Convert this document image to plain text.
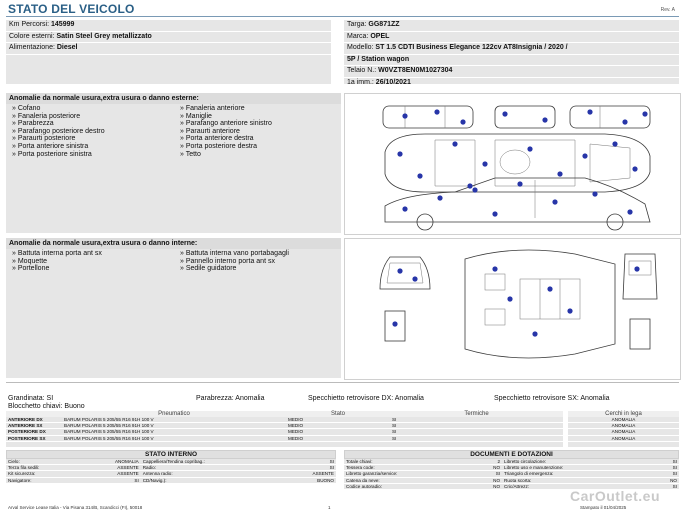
STATO DEL VEICOLO	Rev. A
Km Percorsi: 145999
Colore esterni: Satin Steel Grey metallizzato
Alimentazione: Diesel
Targa: GG871ZZ
Marca: OPEL
Modello: ST 1.5 CDTI Business Elegance 122cv AT8Insignia / 2020 /
5P / Station wagon
Telaio N.: W0VZT8EN0M1027304
1a imm.: 26/10/2021
Anomalie da normale usura,extra usura o danno esterne:
» Cofano
» Fanaleria posteriore
» Parabrezza
» Parafango posteriore destro
» Paraurti posteriore
» Porta anteriore sinistra
» Porta posteriore sinistra
» Fanaleria anteriore
» Maniglie
» Parafango anteriore sinistro
» Paraurti anteriore
» Porta anteriore destra
» Porta posteriore destra
» Tetto
Anomalie da normale usura,extra usura o danno interne:
» Battuta interna porta ant sx
» Moquette
» Portellone
» Battuta interna vano portabagagli
» Pannello interno porta ant sx
» Sedile guidatore
Grandinata: SI
Blocchetto chiavi: Buono
Parabrezza: Anomalia	Specchietto retrovisore DX: Anomalia	Specchietto retrovisore SX: Anomalia
	Pneumatico	Stato	Termiche
ANTERIORE DX	BARUM POLARIS 5 205/55 R16 91H 100 V	MEDIO	SI
ANTERIORE SX	BARUM POLARIS 5 205/55 R16 91H 100 V	MEDIO	SI
POSTERIORE DX	BARUM POLARIS 5 205/55 R16 91H 100 V	MEDIO	SI
POSTERIORE SX	BARUM POLARIS 5 205/55 R16 91H 100 V	MEDIO	SI
Cerchi in lega
ANOMALIA
ANOMALIA
ANOMALIA
ANOMALIA
STATO INTERNO
Cielo:	ANOMALIA	Cappelliera/Tendina copribag.:	SI
Terza fila sedili:	ASSENTE	Radio:	SI
Kit sicurezza:	ASSENTE	Antenna radio:	ASSENTE
Navigatore:	SI	CD/Navig.):	BUONO
DOCUMENTI E DOTAZIONI
Totale chiavi:	2	Libretto circolazione:	SI
Tessera code:	NO	Libretto uso e manutenzione:	SI
Libretto garanzia/service:	SI	Triangolo di emergenza:	SI
Catena da neve:	NO	Ruota scorta:	NO
Codice autoradio:	NO	Cric/Attrezz:	SI
Arval Service Lease Italia - Via Pisana 314/B, Scandicci (FI), 50018	1	Stampato il 01/04/2025
CarOutlet.eu
